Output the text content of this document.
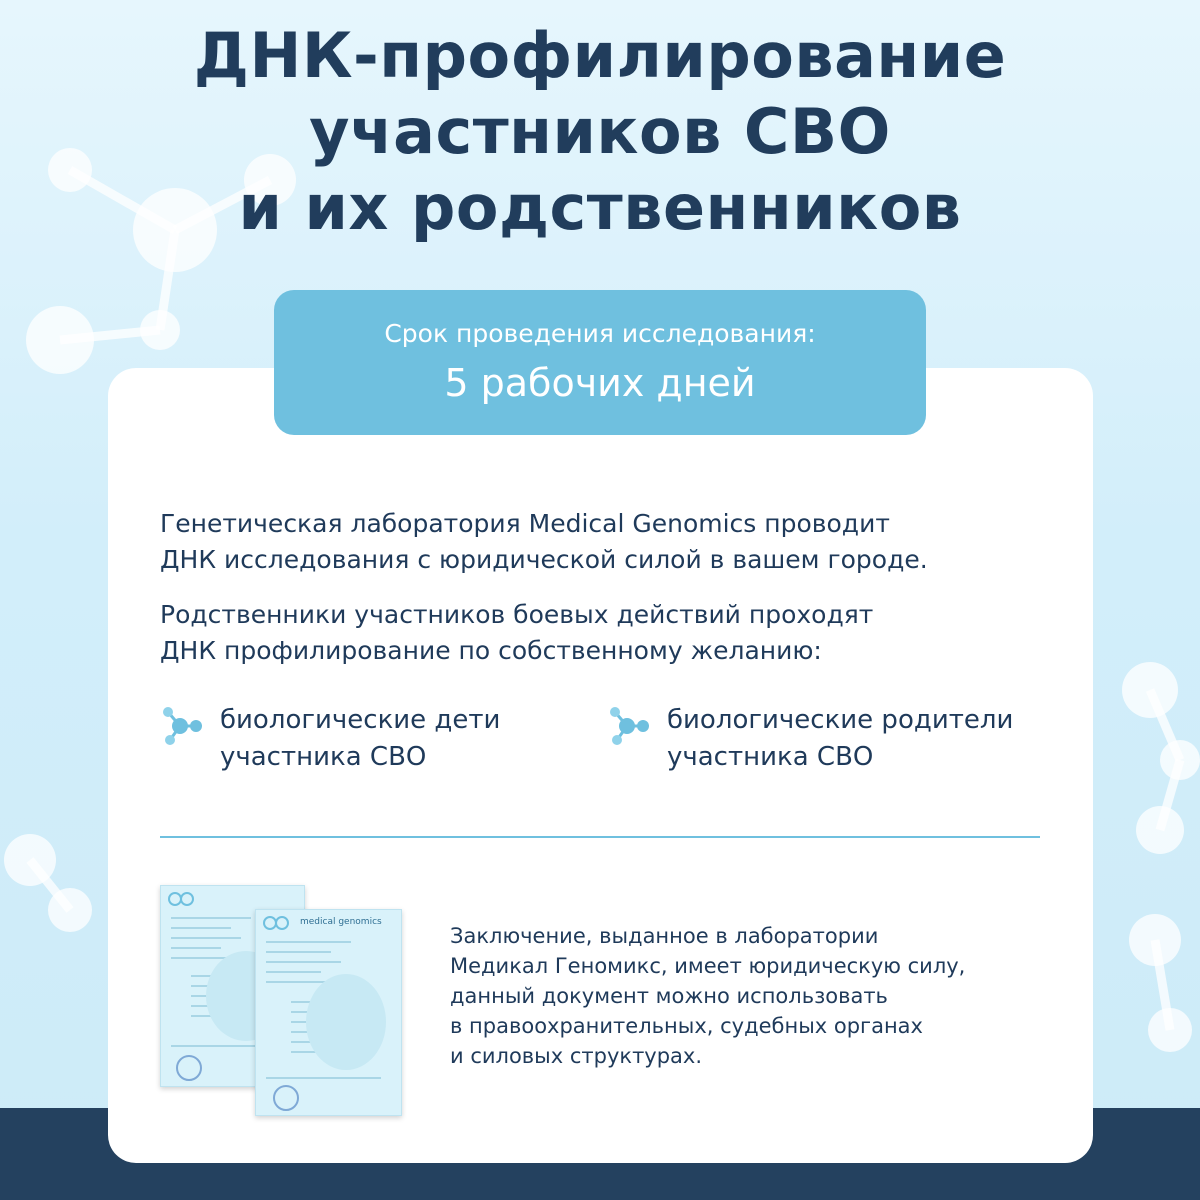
ДНК-профилирование
участников СВО
и их родственников
Срок проведения исследования:
5 рабочих дней

Генетическая лаборатория Medical Genomics проводит
ДНК исследования с юридической силой в вашем городе.

Родственники участников боевых действий проходят
ДНК профилирование по собственному желанию:

биологические дети
участника СВО
биологические родители
участника СВО
medical genomics

Заключение, выданное в лаборатории
Медикал Геномикс, имеет юридическую силу,
данный документ можно использовать
в правоохранительных, судебных органах
и силовых структурах.
